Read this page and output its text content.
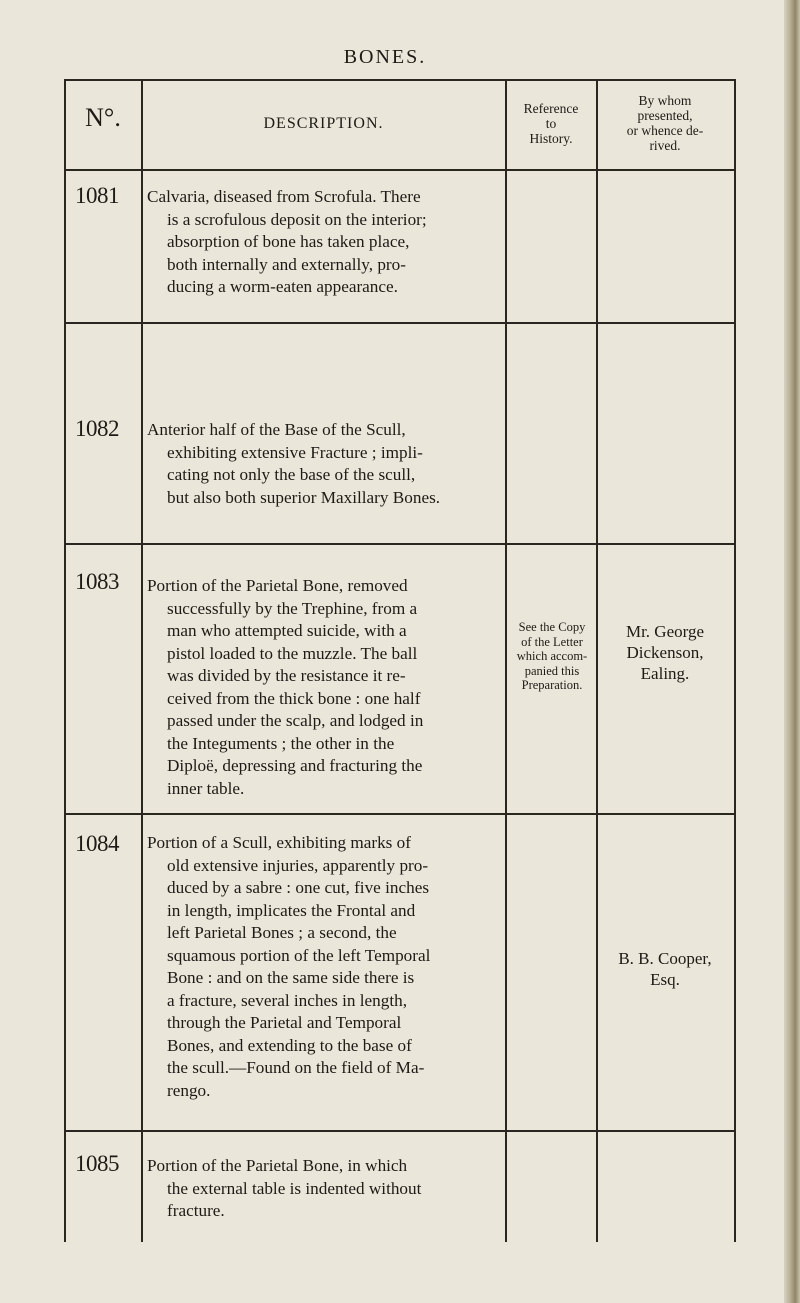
BONES.
N°.	DESCRIPTION.
Reference
to
History.
By whom
presented,
or whence de-
rived.
1081 Calvaria, diseased from Scrofula. There
is a scrofulous deposit on the interior;
absorption of bone has taken place,
both internally and externally, pro-
ducing a worm-eaten appearance.
1082 Anterior half of the Base of the Scull,
exhibiting extensive Fracture ; impli-
cating not only the base of the scull,
but also both superior Maxillary Bones.
1083 Portion of the Parietal Bone, removed
successfully by the Trephine, from a
man who attempted suicide, with a
pistol loaded to the muzzle. The ball
was divided by the resistance it re-
ceived from the thick bone : one half
passed under the scalp, and lodged in
the Integuments ; the other in the
Diploë, depressing and fracturing the
inner table.
See the Copy
of the Letter
which accom-
panied this
Preparation.
Mr. George
Dickenson,
Ealing.
1084 Portion of a Scull, exhibiting marks of
old extensive injuries, apparently pro-
duced by a sabre : one cut, five inches
in length, implicates the Frontal and
left Parietal Bones ; a second, the
squamous portion of the left Temporal
Bone : and on the same side there is
a fracture, several inches in length,
through the Parietal and Temporal
Bones, and extending to the base of
the scull.—Found on the field of Ma-
rengo.
B. B. Cooper,
Esq.
1085 Portion of the Parietal Bone, in which
the external table is indented without
fracture.
